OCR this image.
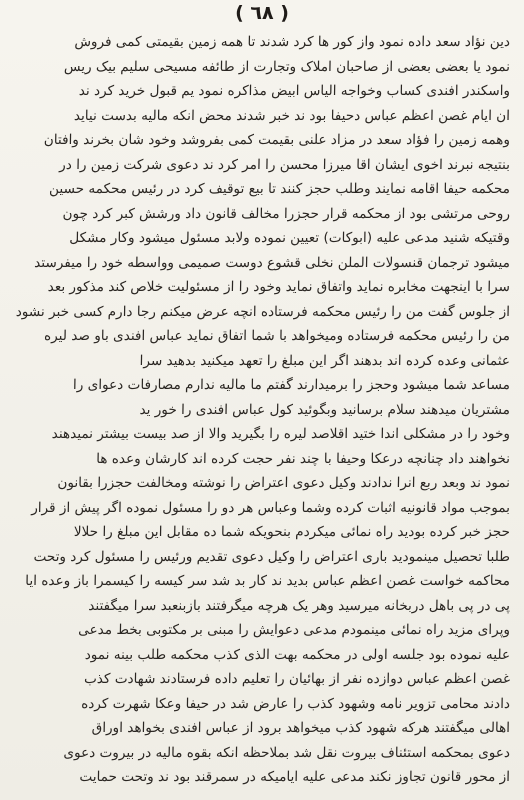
( ٦٨ )
دین نؤاد سعد داده نمود واز کور ها کرد شدند تا همه زمین بقیمتی کمی فروش
نمود یا بعضی بعضی از صاحبان املاک وتجارت از طائفه مسیحی سلیم بیک ریس
واسکندر افندی کساب وخواجه الیاس ابیض مذاکره نمود یم قبول خرید کرد ند
ان ایام غصن اعظم عباس دحیفا بود ند خبر شدند محض انکه مالیه بدست نیاید
وهمه زمین را فؤاد سعد در مزاد علنی بقیمت کمی بفروشد وخود شان بخرند وافتان
بنتیجه نبرند اخوی ایشان اقا میرزا محسن را امر کرد ند دعوی شرکت زمین را در
محکمه حیفا اقامه نمایند وطلب حجز کنند تا بیع توقیف کرد در رئیس محکمه حسین
روحی مرتشی بود از محکمه قرار حجزرا مخالف قانون داد ورشش کبر کرد چون
وقتیکه شنید مدعی علیه (ابوکات) تعیین نموده ولابد مسئول میشود وکار مشکل
میشود ترجمان قنسولات الملن نخلی قشوع دوست صمیمی وواسطه خود را میفرستد
سرا با اینجهت مخابره نماید واتفاق نماید وخود را از مسئولیت خلاص کند مذکور بعد
از جلوس گفت من را رئیس محکمه فرستاده انچه عرض میکنم رجا دارم کسی خبر نشود
من را رئیس محکمه فرستاده ومیخواهد با شما اتفاق نماید عباس افندی باو صد لیره
عثمانی وعده کرده اند بدهند اگر این مبلغ را تعهد میکنید بدهید سرا
مساعد شما میشود وحجز را برمیدارند گفتم ما مالیه ندارم مصارفات دعوای را
مشتریان میدهند سلام برسانید وبگوئید کول عباس افندی را خور ید
وخود را در مشکلی اندا ختید اقلاصد لیره را بگیرید والا از صد بیست بیشتر نمیدهند
نخواهند داد چنانچه درعکا وحیفا با چند نفر حجت کرده اند کارشان وعده ها
نمود ند وبعد ربع انرا ندادند وکیل دعوی اعتراض را نوشته ومخالفت حجزرا بقانون
بموجب مواد قانونیه اثبات کرده وشما وعباس هر دو را مسئول نموده اگر پیش از قرار
حجز خبر کرده بودید راه نمائی میکردم بنحویکه شما ده مقابل این مبلغ را حلالا
طلبا تحصیل مینمودید باری اعتراض را وکیل دعوی تقدیم ورئیس را مسئول کرد وتحت
محاکمه خواست غصن اعظم عباس بدید ند کار بد شد سر کیسه را کیسمرا باز وعده ایا
پی در پی باهل دربخانه میرسید وهر یک هرچه میگرفتند بازبنعبد سرا میگفتند
وپرای مزید راه نمائی مینمودم مدعی دعوایش را مبنی بر مکتوبی بخط مدعی
علیه نموده بود جلسه اولی در محکمه بهت الذی کذب محکمه طلب بینه نمود
غصن اعظم عباس دوازده نفر از بهائیان را تعلیم داده فرستادند شهادت کذب
دادند محامی تزویر نامه وشهود کذب را عارض شد در حیفا وعکا شهرت کرده
اهالی میگفتند هرکه شهود کذب میخواهد برود از عباس افندی بخواهد اوراق
دعوی بمحکمه استئناف بیروت نقل شد بملاحظه انکه بقوه مالیه در بیروت دعوی
از محور قانون تجاوز نکند مدعی علیه ایامیکه در سمرقند بود ند وتحت حمایت
